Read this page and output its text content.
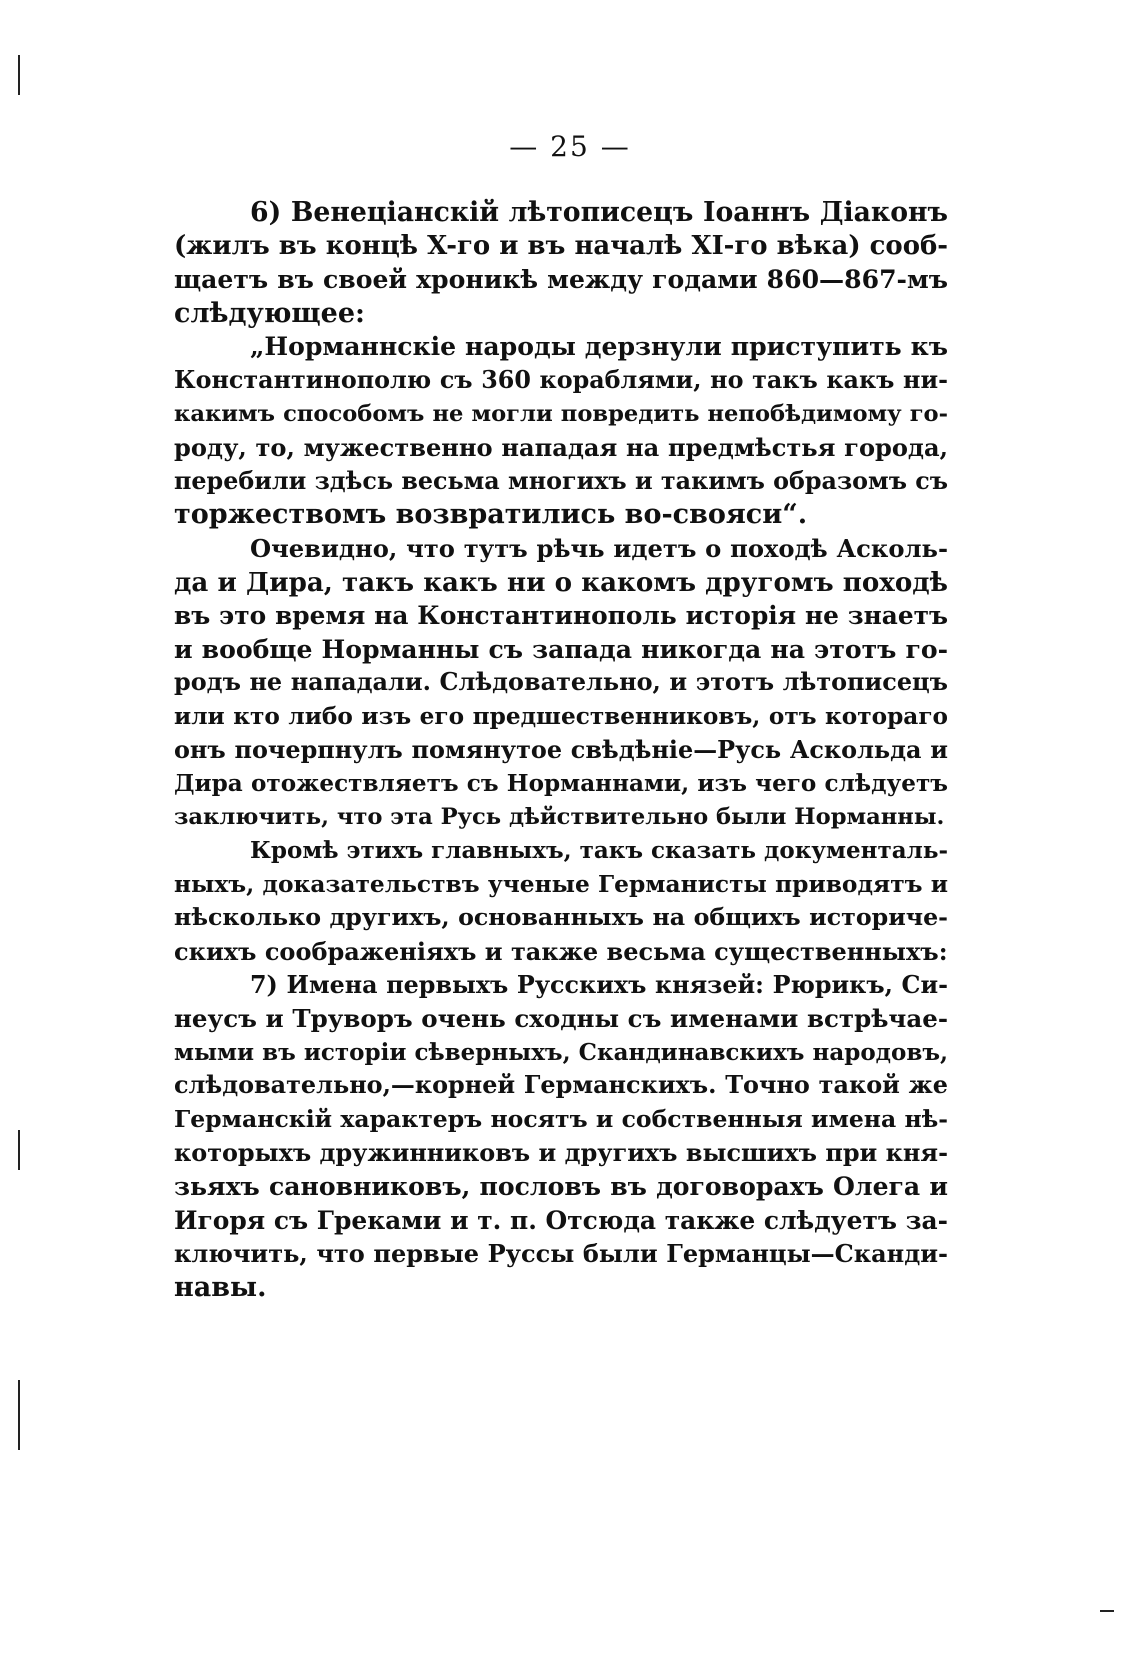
— 25 —
6) Венеціанскій лѣтописецъ Іоаннъ Діаконъ
(жилъ въ концѣ X-го и въ началѣ XI-го вѣка) сооб-
щаетъ въ своей хроникѣ между годами 860—867-мъ
слѣдующее:
„Норманнскіе народы дерзнули приступить къ
Константинополю съ 360 кораблями, но такъ какъ ни-
какимъ способомъ не могли повредить непобѣдимому го-
роду, то, мужественно нападая на предмѣстья города,
перебили здѣсь весьма многихъ и такимъ образомъ съ
торжествомъ возвратились во-свояси“.
Очевидно, что тутъ рѣчь идетъ о походѣ Асколь-
да и Дира, такъ какъ ни о какомъ другомъ походѣ
въ это время на Константинополь исторія не знаетъ
и вообще Норманны съ запада никогда на этотъ го-
родъ не нападали. Слѣдовательно, и этотъ лѣтописецъ
или кто либо изъ его предшественниковъ, отъ котораго
онъ почерпнулъ помянутое свѣдѣніе—Русь Аскольда и
Дира отожествляетъ съ Норманнами, изъ чего слѣдуетъ
заключить, что эта Русь дѣйствительно были Норманны.
Кромѣ этихъ главныхъ, такъ сказать документаль-
ныхъ, доказательствъ ученые Германисты приводятъ и
нѣсколько другихъ, основанныхъ на общихъ историче-
скихъ соображеніяхъ и также весьма существенныхъ:
7) Имена первыхъ Русскихъ князей: Рюрикъ, Си-
неусъ и Труворъ очень сходны съ именами встрѣчае-
мыми въ исторіи сѣверныхъ, Скандинавскихъ народовъ,
слѣдовательно,—корней Германскихъ. Точно такой же
Германскій характеръ носятъ и собственныя имена нѣ-
которыхъ дружинниковъ и другихъ высшихъ при кня-
зьяхъ сановниковъ, пословъ въ договорахъ Олега и
Игоря съ Греками и т. п. Отсюда также слѣдуетъ за-
ключить, что первые Руссы были Германцы—Сканди-
навы.
